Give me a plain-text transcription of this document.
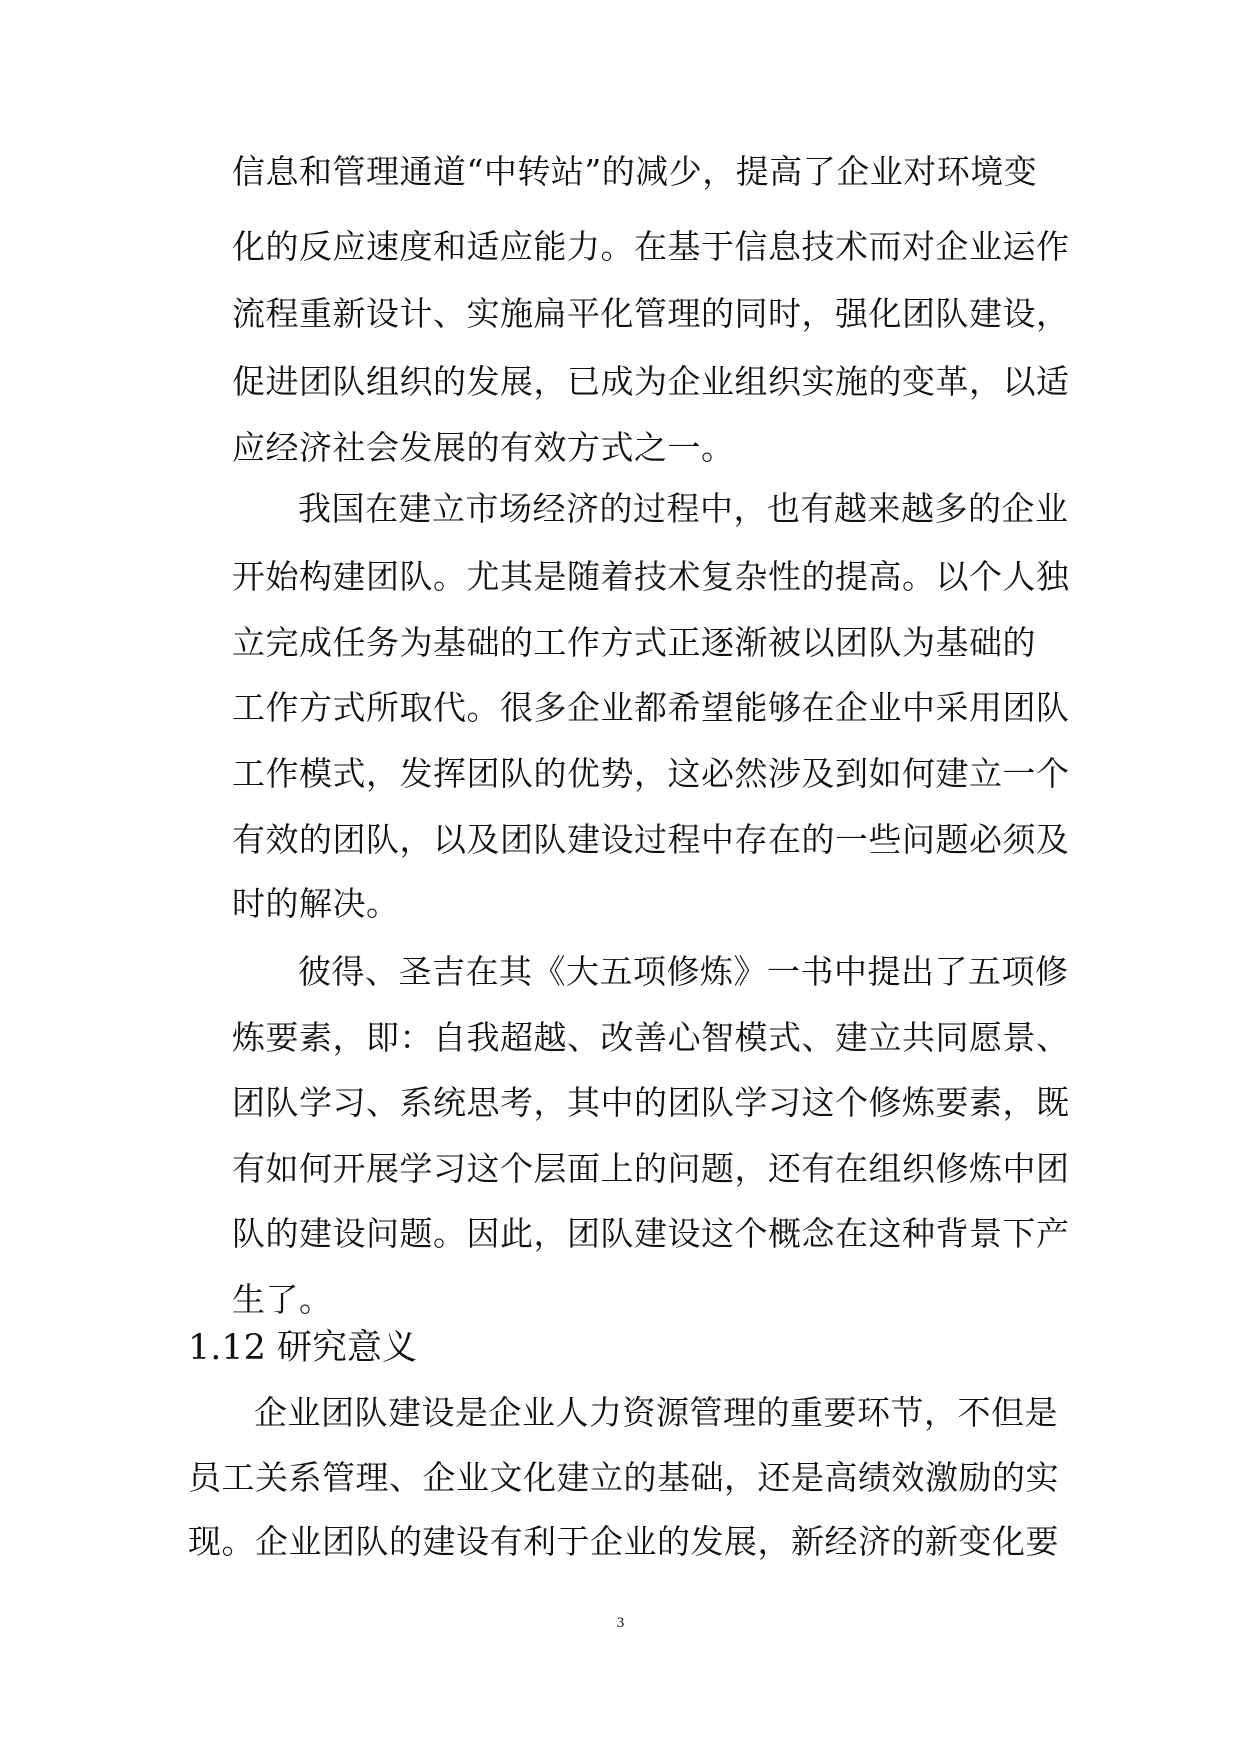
信息和管理通道“中转站”的减少，提高了企业对环境变

化的反应速度和适应能力。在基于信息技术而对企业运作

流程重新设计、实施扁平化管理的同时，强化团队建设，

促进团队组织的发展，已成为企业组织实施的变革，以适

应经济社会发展的有效方式之一。

我国在建立市场经济的过程中，也有越来越多的企业

开始构建团队。尤其是随着技术复杂性的提高。以个人独

立完成任务为基础的工作方式正逐渐被以团队为基础的

工作方式所取代。很多企业都希望能够在企业中采用团队

工作模式，发挥团队的优势，这必然涉及到如何建立一个

有效的团队，以及团队建设过程中存在的一些问题必须及

时的解决。

彼得、圣吉在其《大五项修炼》一书中提出了五项修

炼要素，即：自我超越、改善心智模式、建立共同愿景、

团队学习、系统思考，其中的团队学习这个修炼要素，既

有如何开展学习这个层面上的问题，还有在组织修炼中团

队的建设问题。因此，团队建设这个概念在这种背景下产

生了。

1.12 研究意义

企业团队建设是企业人力资源管理的重要环节，不但是

员工关系管理、企业文化建立的基础，还是高绩效激励的实

现。企业团队的建设有利于企业的发展，新经济的新变化要

3
